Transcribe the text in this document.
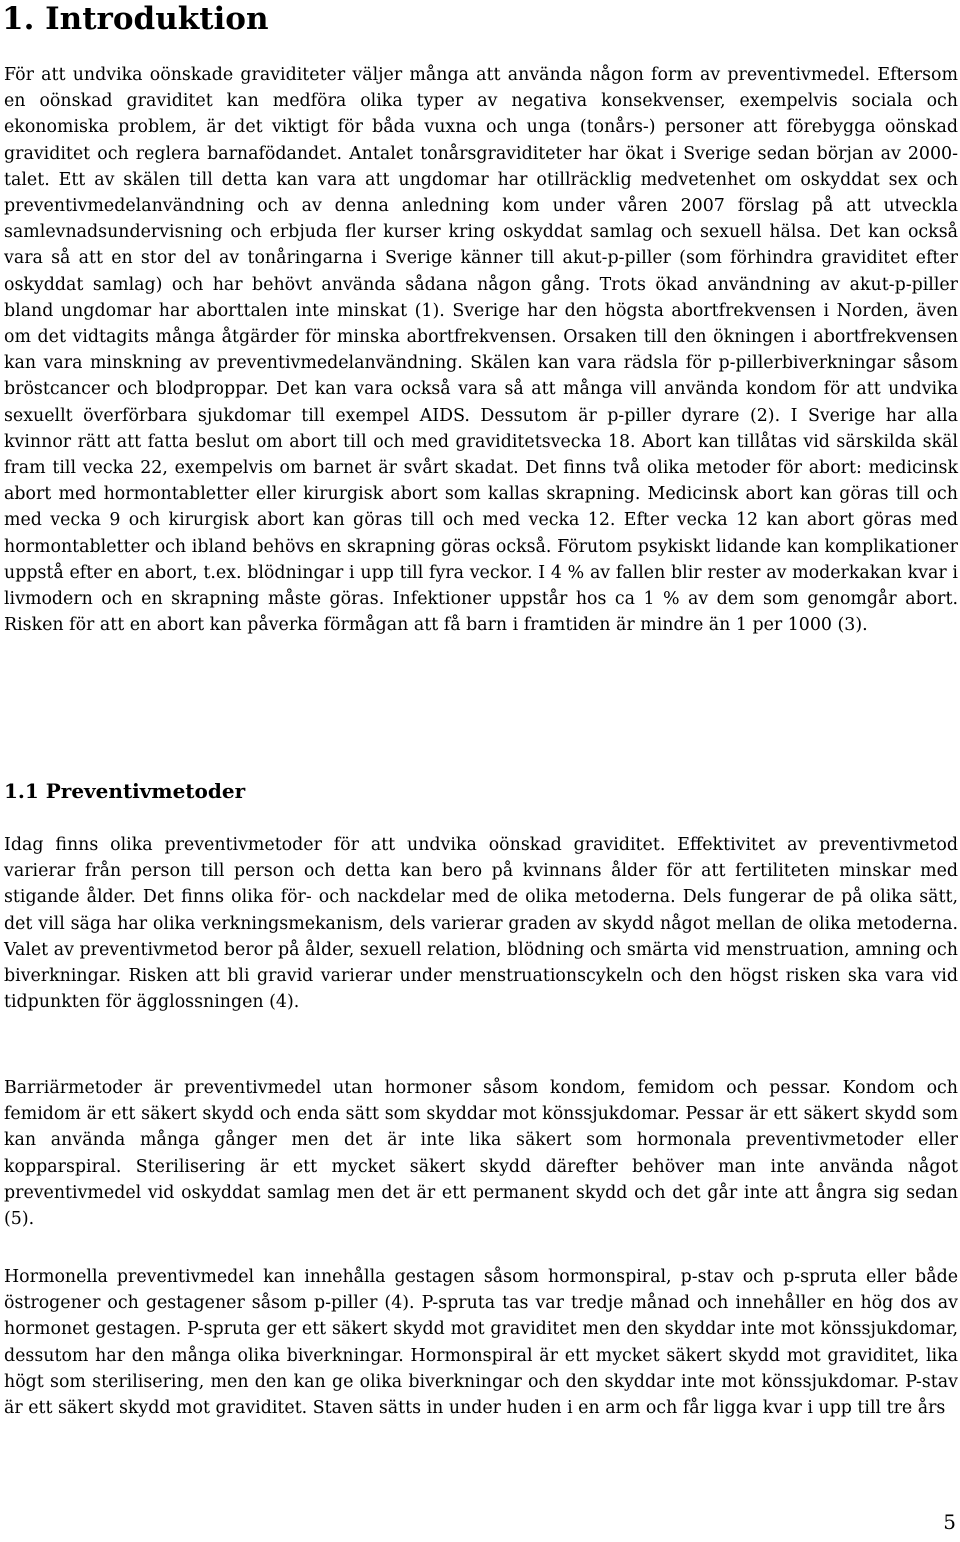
1. Introduktion

För att undvika oönskade graviditeter väljer många att använda någon form av preventivmedel. Eftersom en oönskad graviditet kan medföra olika typer av negativa konsekvenser, exempelvis sociala och ekonomiska problem, är det viktigt för båda vuxna och unga (tonårs-) personer att förebygga oönskad graviditet och reglera barnafödandet. Antalet tonårsgraviditeter har ökat i Sverige sedan början av 2000-talet. Ett av skälen till detta kan vara att ungdomar har otillräcklig medvetenhet om oskyddat sex och preventivmedelanvändning och av denna anledning kom under våren 2007 förslag på att utveckla samlevnadsundervisning och erbjuda fler kurser kring oskyddat samlag och sexuell hälsa. Det kan också vara så att en stor del av tonåringarna i Sverige känner till akut-p-piller (som förhindra graviditet efter oskyddat samlag) och har behövt använda sådana någon gång. Trots ökad användning av akut-p-piller bland ungdomar har aborttalen inte minskat (1). Sverige har den högsta abortfrekvensen i Norden, även om det vidtagits många åtgärder för minska abortfrekvensen. Orsaken till den ökningen i abortfrekvensen kan vara minskning av preventivmedelanvändning. Skälen kan vara rädsla för p-pillerbiverkningar såsom bröstcancer och blodproppar. Det kan vara också vara så att många vill använda kondom för att undvika sexuellt överförbara sjukdomar till exempel AIDS. Dessutom är p-piller dyrare (2). I Sverige har alla kvinnor rätt att fatta beslut om abort till och med graviditetsvecka 18. Abort kan tillåtas vid särskilda skäl fram till vecka 22, exempelvis om barnet är svårt skadat. Det finns två olika metoder för abort: medicinsk abort med hormontabletter eller kirurgisk abort som kallas skrapning. Medicinsk abort kan göras till och med vecka 9 och kirurgisk abort kan göras till och med vecka 12. Efter vecka 12 kan abort göras med hormontabletter och ibland behövs en skrapning göras också. Förutom psykiskt lidande kan komplikationer uppstå efter en abort, t.ex. blödningar i upp till fyra veckor. I 4 % av fallen blir rester av moderkakan kvar i livmodern och en skrapning måste göras. Infektioner uppstår hos ca 1 % av dem som genomgår abort. Risken för att en abort kan påverka förmågan att få barn i framtiden är mindre än 1 per 1000 (3).

1.1 Preventivmetoder

Idag finns olika preventivmetoder för att undvika oönskad graviditet. Effektivitet av preventivmetod varierar från person till person och detta kan bero på kvinnans ålder för att fertiliteten minskar med stigande ålder. Det finns olika för- och nackdelar med de olika metoderna. Dels fungerar de på olika sätt, det vill säga har olika verkningsmekanism, dels varierar graden av skydd något mellan de olika metoderna. Valet av preventivmetod beror på ålder, sexuell relation, blödning och smärta vid menstruation, amning och biverkningar. Risken att bli gravid varierar under menstruationscykeln och den högst risken ska vara vid tidpunkten för ägglossningen (4).

Barriärmetoder är preventivmedel utan hormoner såsom kondom, femidom och pessar. Kondom och femidom är ett säkert skydd och enda sätt som skyddar mot könssjukdomar. Pessar är ett säkert skydd som kan använda många gånger men det är inte lika säkert som hormonala preventivmetoder eller kopparspiral. Sterilisering är ett mycket säkert skydd därefter behöver man inte använda något preventivmedel vid oskyddat samlag men det är ett permanent skydd och det går inte att ångra sig sedan (5).

Hormonella preventivmedel kan innehålla gestagen såsom hormonspiral, p-stav och p-spruta eller både östrogener och gestagener såsom p-piller (4). P-spruta tas var tredje månad och innehåller en hög dos av hormonet gestagen. P-spruta ger ett säkert skydd mot graviditet men den skyddar inte mot könssjukdomar, dessutom har den många olika biverkningar. Hormonspiral är ett mycket säkert skydd mot graviditet, lika högt som sterilisering, men den kan ge olika biverkningar och den skyddar inte mot könssjukdomar. P-stav är ett säkert skydd mot graviditet. Staven sätts in under huden i en arm och får ligga kvar i upp till tre års

5
